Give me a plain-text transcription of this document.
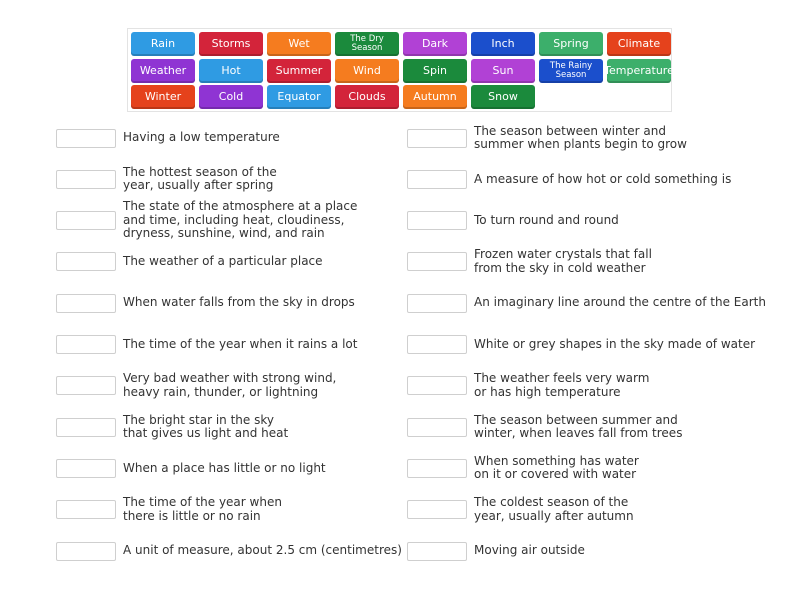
Rain	Storms	Wet	The Dry
Season	Dark	Inch	Spring	Climate
Weather	Hot	Summer	Wind	Spin	Sun	The Rainy
Season	Temperature
Winter	Cold	Equator	Clouds	Autumn	Snow
Having a low temperature
The hottest season of the
year, usually after spring
The state of the atmosphere at a place
and time, including heat, cloudiness,
dryness, sunshine, wind, and rain
The weather of a particular place
When water falls from the sky in drops
The time of the year when it rains a lot
Very bad weather with strong wind,
heavy rain, thunder, or lightning
The bright star in the sky
that gives us light and heat
When a place has little or no light
The time of the year when
there is little or no rain
A unit of measure, about 2.5 cm (centimetres)
The season between winter and
summer when plants begin to grow
A measure of how hot or cold something is
To turn round and round
Frozen water crystals that fall
from the sky in cold weather
An imaginary line around the centre of the Earth
White or grey shapes in the sky made of water
The weather feels very warm
or has high temperature
The season between summer and
winter, when leaves fall from trees
When something has water
on it or covered with water
The coldest season of the
year, usually after autumn
Moving air outside
